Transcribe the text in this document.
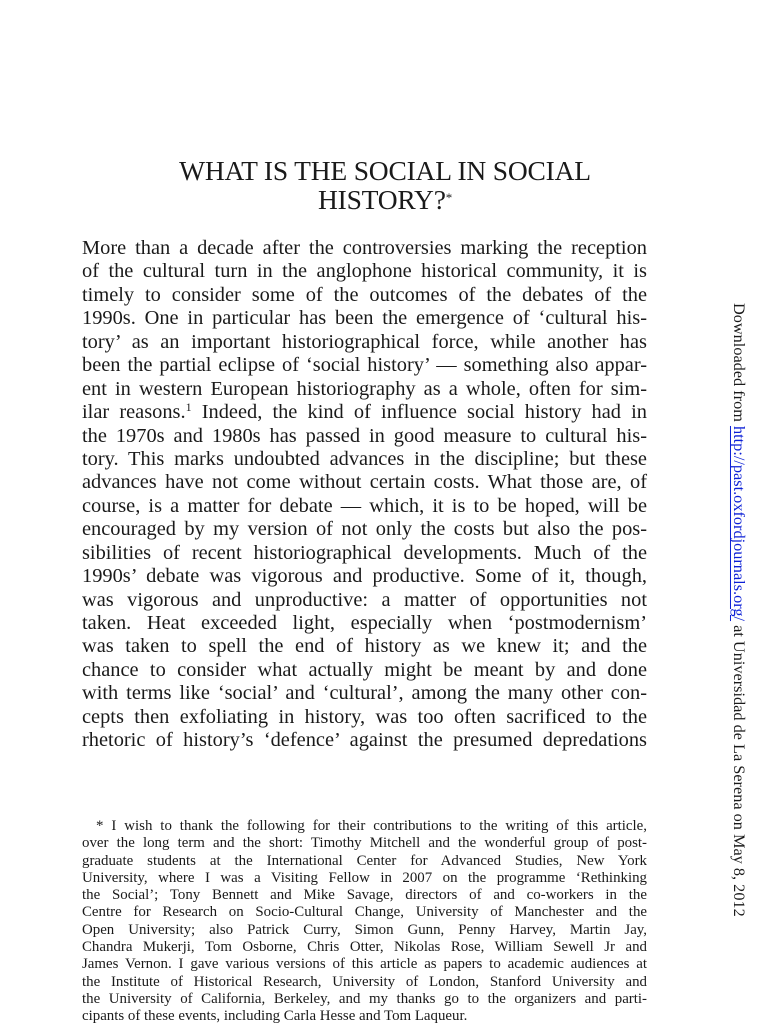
WHAT IS THE SOCIAL IN SOCIAL
HISTORY?*
More than a decade after the controversies marking the reception
of the cultural turn in the anglophone historical community, it is
timely to consider some of the outcomes of the debates of the
1990s. One in particular has been the emergence of ‘cultural his-
tory’ as an important historiographical force, while another has
been the partial eclipse of ‘social history’ — something also appar-
ent in western European historiography as a whole, often for sim-
ilar reasons.$^1$ Indeed, the kind of influence social history had in
the 1970s and 1980s has passed in good measure to cultural his-
tory. This marks undoubted advances in the discipline; but these
advances have not come without certain costs. What those are, of
course, is a matter for debate — which, it is to be hoped, will be
encouraged by my version of not only the costs but also the pos-
sibilities of recent historiographical developments. Much of the
1990s’ debate was vigorous and productive. Some of it, though,
was vigorous and unproductive: a matter of opportunities not
taken. Heat exceeded light, especially when ‘postmodernism’
was taken to spell the end of history as we knew it; and the
chance to consider what actually might be meant by and done
with terms like ‘social’ and ‘cultural’, among the many other con-
cepts then exfoliating in history, was too often sacrificed to the
rhetoric of history’s ‘defence’ against the presumed depredations
* I wish to thank the following for their contributions to the writing of this article,
over the long term and the short: Timothy Mitchell and the wonderful group of post-
graduate students at the International Center for Advanced Studies, New York
University, where I was a Visiting Fellow in 2007 on the programme ‘Rethinking
the Social’; Tony Bennett and Mike Savage, directors of and co-workers in the
Centre for Research on Socio-Cultural Change, University of Manchester and the
Open University; also Patrick Curry, Simon Gunn, Penny Harvey, Martin Jay,
Chandra Mukerji, Tom Osborne, Chris Otter, Nikolas Rose, William Sewell Jr and
James Vernon. I gave various versions of this article as papers to academic audiences at
the Institute of Historical Research, University of London, Stanford University and
the University of California, Berkeley, and my thanks go to the organizers and parti-
cipants of these events, including Carla Hesse and Tom Laqueur.
Downloaded from http://past.oxfordjournals.org/ at Universidad de La Serena on May 8, 2012
